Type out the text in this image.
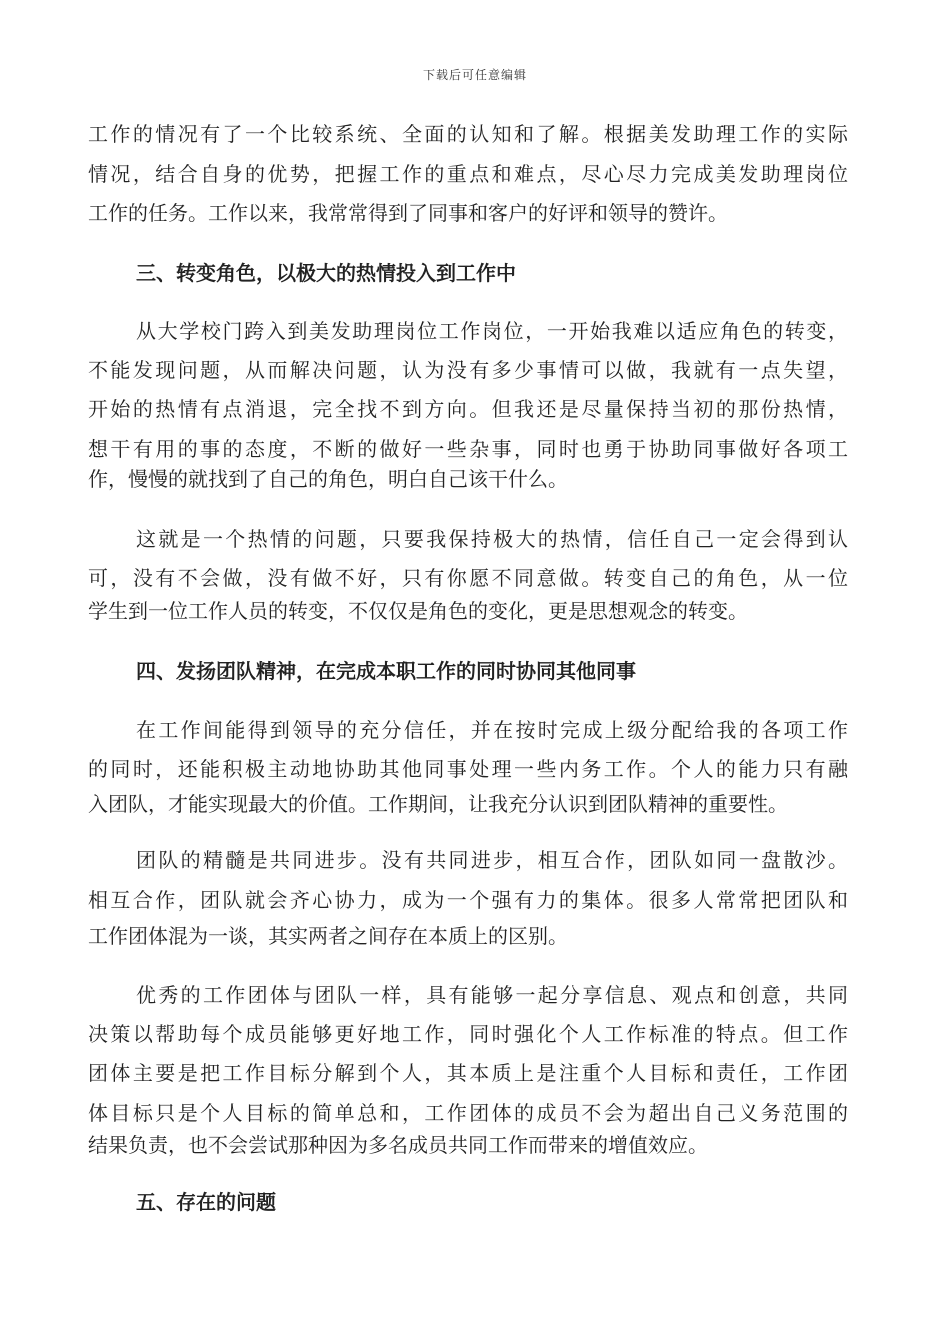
下载后可任意编辑
工作的情况有了一个比较系统、全面的认知和了解。根据美发助理工作的实际
情况，结合自身的优势，把握工作的重点和难点，尽心尽力完成美发助理岗位
工作的任务。工作以来，我常常得到了同事和客户的好评和领导的赞许。
三、转变角色，以极大的热情投入到工作中
从大学校门跨入到美发助理岗位工作岗位，一开始我难以适应角色的转变，
不能发现问题，从而解决问题，认为没有多少事情可以做，我就有一点失望，
开始的热情有点消退，完全找不到方向。但我还是尽量保持当初的那份热情，
想干有用的事的态度，不断的做好一些杂事，同时也勇于协助同事做好各项工
作，慢慢的就找到了自己的角色，明白自己该干什么。
这就是一个热情的问题，只要我保持极大的热情，信任自己一定会得到认
可，没有不会做，没有做不好，只有你愿不同意做。转变自己的角色，从一位
学生到一位工作人员的转变，不仅仅是角色的变化，更是思想观念的转变。
四、发扬团队精神，在完成本职工作的同时协同其他同事
在工作间能得到领导的充分信任，并在按时完成上级分配给我的各项工作
的同时，还能积极主动地协助其他同事处理一些内务工作。个人的能力只有融
入团队，才能实现最大的价值。工作期间，让我充分认识到团队精神的重要性。
团队的精髓是共同进步。没有共同进步，相互合作，团队如同一盘散沙。
相互合作，团队就会齐心协力，成为一个强有力的集体。很多人常常把团队和
工作团体混为一谈，其实两者之间存在本质上的区别。
优秀的工作团体与团队一样，具有能够一起分享信息、观点和创意，共同
决策以帮助每个成员能够更好地工作，同时强化个人工作标准的特点。但工作
团体主要是把工作目标分解到个人，其本质上是注重个人目标和责任，工作团
体目标只是个人目标的简单总和，工作团体的成员不会为超出自己义务范围的
结果负责，也不会尝试那种因为多名成员共同工作而带来的增值效应。
五、存在的问题
